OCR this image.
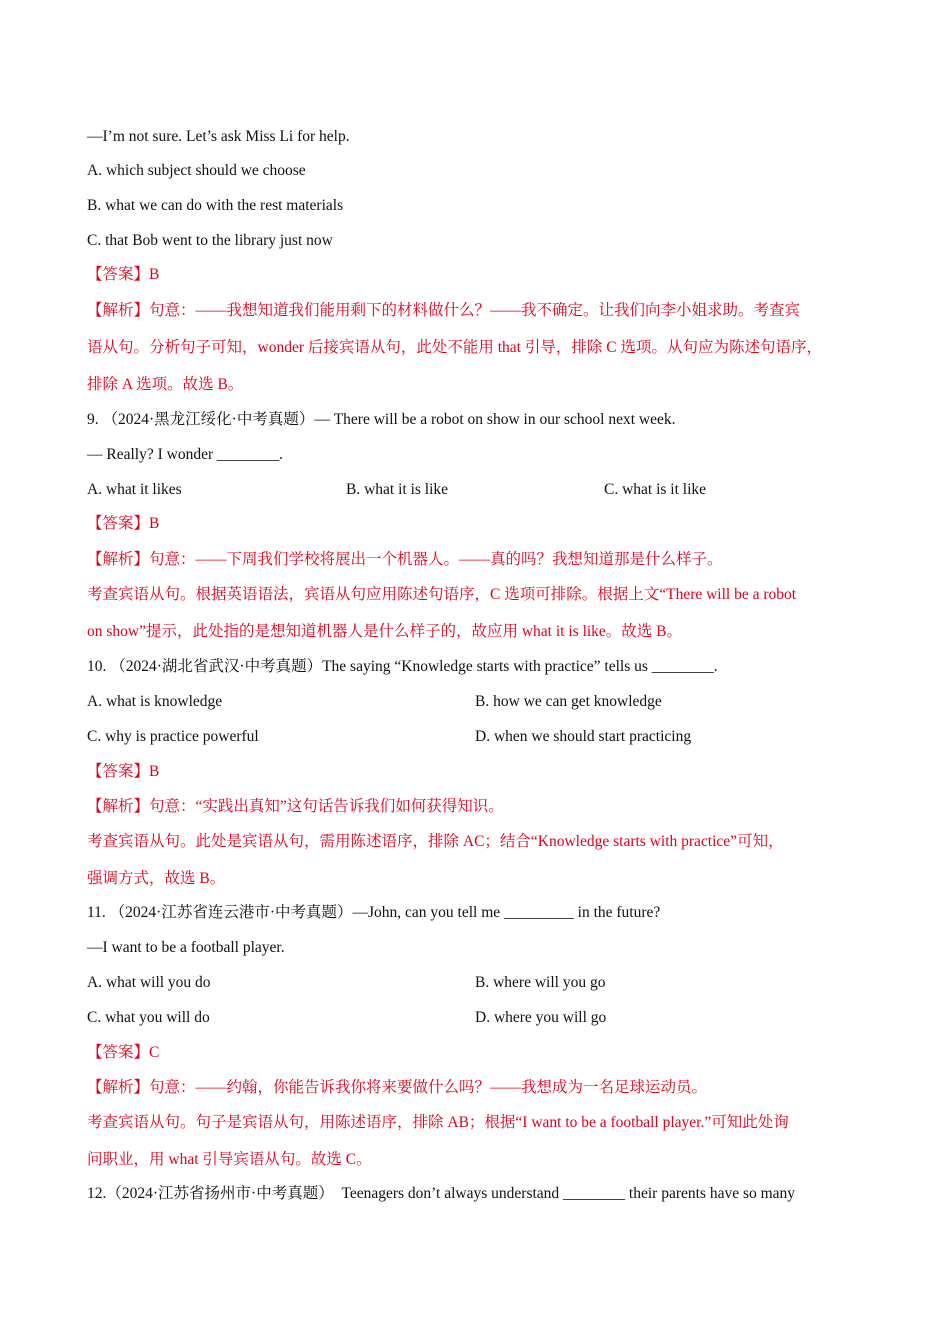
—I’m not sure. Let’s ask Miss Li for help.
A. which subject should we choose
B. what we can do with the rest materials
C. that Bob went to the library just now
【答案】B
【解析】句意：——我想知道我们能用剩下的材料做什么？——我不确定。让我们向李小姐求助。考查宾
语从句。分析句子可知，wonder 后接宾语从句，此处不能用 that 引导，排除 C 选项。从句应为陈述句语序，
排除 A 选项。故选 B。
9. （2024·黑龙江绥化·中考真题）— There will be a robot on show in our school next week.
— Really? I wonder ________.
A. what it likes	B. what it is like	C. what is it like
【答案】B
【解析】句意：——下周我们学校将展出一个机器人。——真的吗？我想知道那是什么样子。
考查宾语从句。根据英语语法，宾语从句应用陈述句语序，C 选项可排除。根据上文“There will be a robot
on show”提示，此处指的是想知道机器人是什么样子的，故应用 what it is like。故选 B。
10. （2024·湖北省武汉·中考真题）The saying “Knowledge starts with practice” tells us ________.
A. what is knowledge	B. how we can get knowledge
C. why is practice powerful	D. when we should start practicing
【答案】B
【解析】句意：“实践出真知”这句话告诉我们如何获得知识。
考查宾语从句。此处是宾语从句，需用陈述语序，排除 AC；结合“Knowledge starts with practice”可知，
强调方式，故选 B。
11. （2024·江苏省连云港市·中考真题）—John, can you tell me _________ in the future?
—I want to be a football player.
A. what will you do	B. where will you go
C. what you will do	D. where you will go
【答案】C
【解析】句意：——约翰，你能告诉我你将来要做什么吗？——我想成为一名足球运动员。
考查宾语从句。句子是宾语从句，用陈述语序，排除 AB；根据“I want to be a football player.”可知此处询
问职业，用 what 引导宾语从句。故选 C。
12.（2024·江苏省扬州市·中考真题）　Teenagers don’t always understand ________ their parents have so many
